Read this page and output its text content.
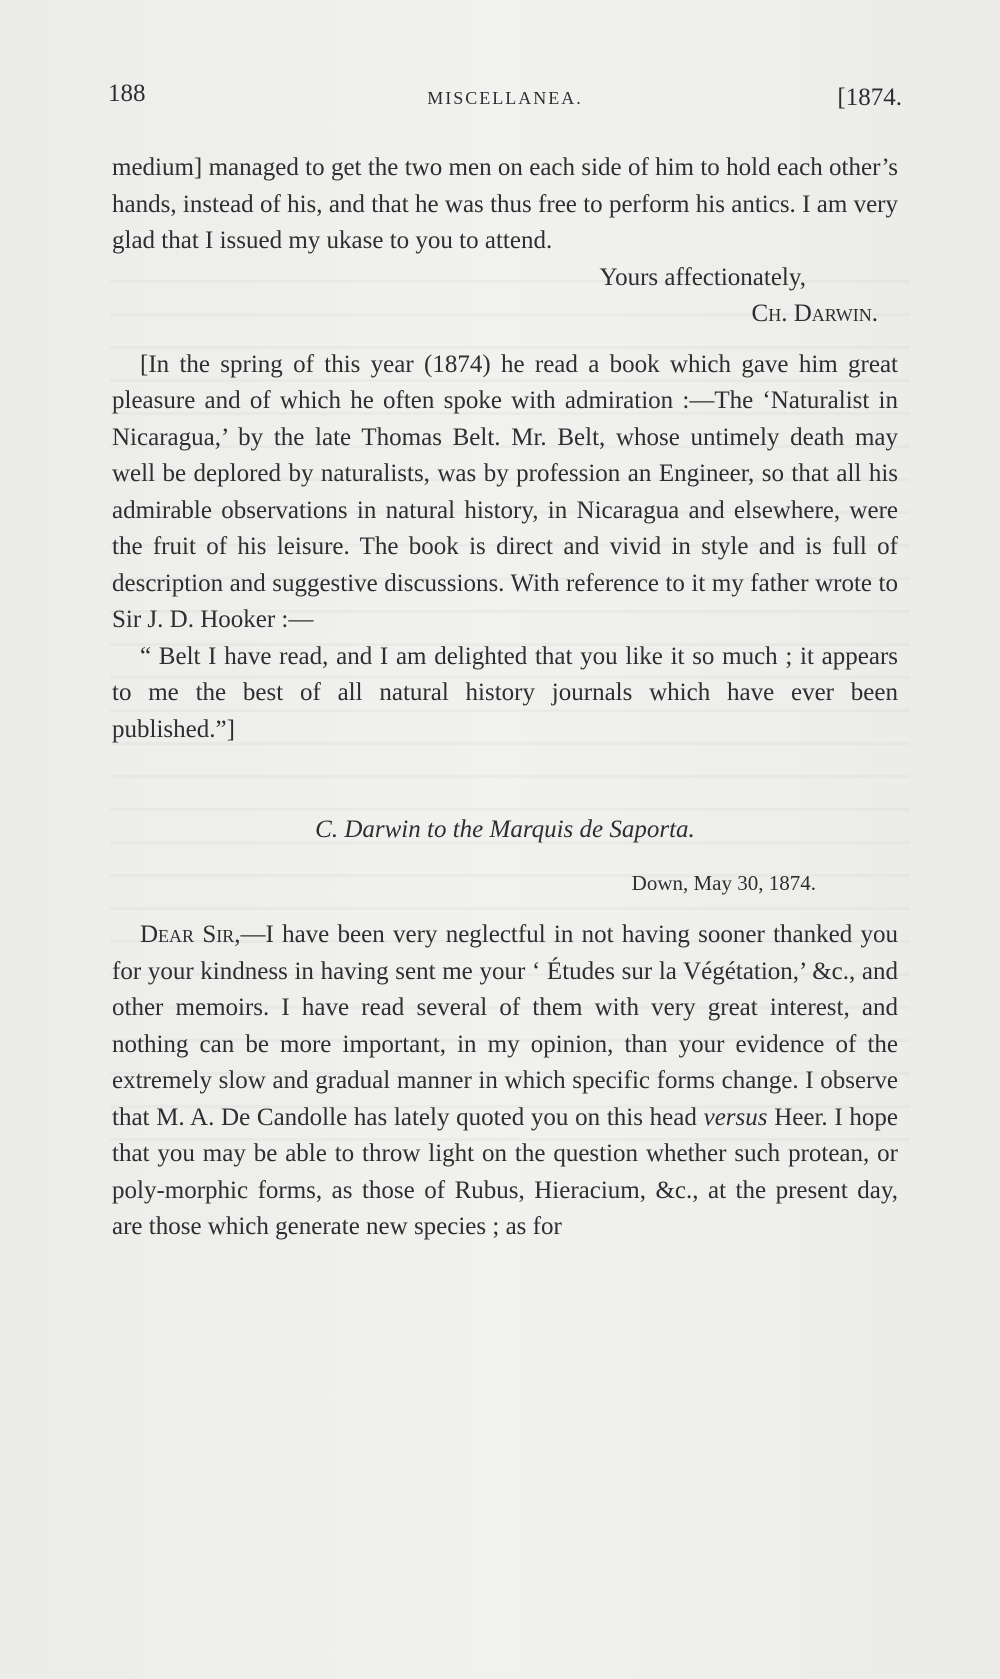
188	MISCELLANEA.	[1874.

medium] managed to get the two men on each side of him to hold each other’s hands, instead of his, and that he was thus free to perform his antics. I am very glad that I issued my ukase to you to attend.

Yours affectionately,

Ch. Darwin.

[In the spring of this year (1874) he read a book which gave him great pleasure and of which he often spoke with admiration :—The ‘Naturalist in Nicaragua,’ by the late Thomas Belt. Mr. Belt, whose untimely death may well be deplored by naturalists, was by profession an Engineer, so that all his admirable observations in natural history, in Nicaragua and elsewhere, were the fruit of his leisure. The book is direct and vivid in style and is full of description and suggestive discussions. With reference to it my father wrote to Sir J. D. Hooker :—

“ Belt I have read, and I am delighted that you like it so much ; it appears to me the best of all natural history journals which have ever been published.”]

C. Darwin to the Marquis de Saporta.

Down, May 30, 1874.

Dear Sir,—I have been very neglectful in not having sooner thanked you for your kindness in having sent me your ‘ Études sur la Végétation,’ &c., and other memoirs. I have read several of them with very great interest, and nothing can be more important, in my opinion, than your evidence of the extremely slow and gradual manner in which specific forms change. I observe that M. A. De Candolle has lately quoted you on this head versus Heer. I hope that you may be able to throw light on the question whether such protean, or poly-morphic forms, as those of Rubus, Hieracium, &c., at the present day, are those which generate new species ; as for
